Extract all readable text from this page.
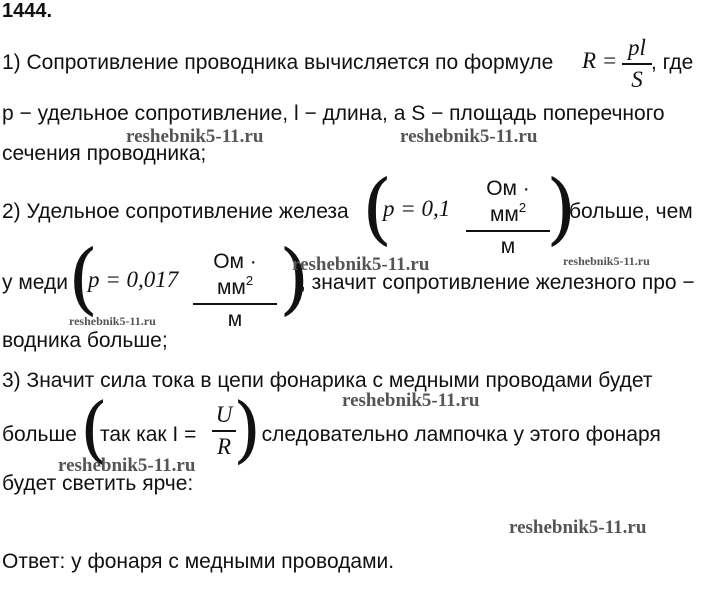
1444.
1) Сопротивление проводника вычисляется по формуле R =
pl
S
, где
p − удельное сопротивление, l − длина, а S − площадь поперечного
сечения проводника;
2) Удельное сопротивление железа (
p = 0,1
Ом · $мм^2$
м )
больше, чем
у меди (
p = 0,017
Ом · $мм^2$
м )
, значит сопротивление железного про −
водника больше;
3) Значит сила тока в цепи фонарика с медными проводами будет
больше (
так как I =
U
R )
, следовательно лампочка у этого фонаря
будет светить ярче:
Ответ: у фонаря с медными проводами.
reshebnik5-11.ru	reshebnik5-11.ru
reshebnik5-11.ru	reshebnik5-11.ru
reshebnik5-11.ru
reshebnik5-11.ru
reshebnik5-11.ru
reshebnik5-11.ru
